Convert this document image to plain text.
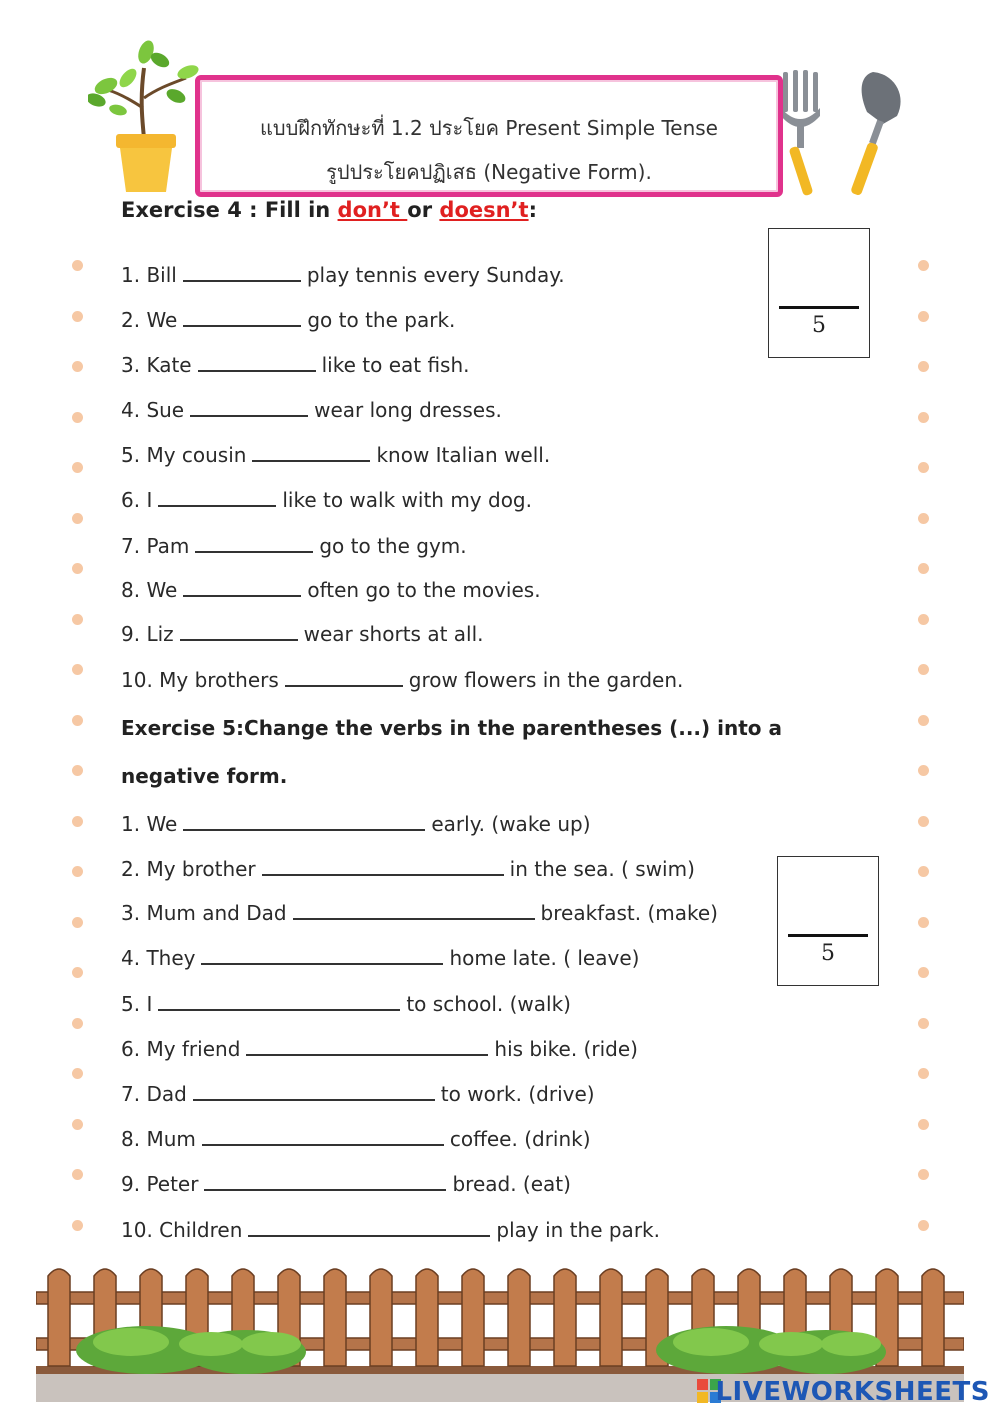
แบบฝึกทักษะที่ 1.2 ประโยค Present Simple Tense
รูปประโยคปฏิเสธ (Negative Form).
Exercise 4 : Fill in don’t or doesn’t:
5
1. Bill	play tennis every Sunday.
2. We	go to the park.
3. Kate	like to eat fish.
4. Sue	wear long dresses.
5. My cousin	know Italian well.
6. I	like to walk with my dog.
7. Pam	go to the gym.
8. We	often go to the movies.
9. Liz	wear shorts at all.
10. My brothers	grow flowers in the garden.
Exercise 5:Change the verbs in the parentheses (...) into a
negative form.
5
1. We	early. (wake up)
2. My brother	in the sea. ( swim)
3. Mum and Dad	breakfast. (make)
4. They	home late. ( leave)
5. I	to school. (walk)
6. My friend	his bike. (ride)
7. Dad	to work. (drive)
8. Mum	coffee. (drink)
9. Peter	bread. (eat)
10. Children	play in the park.
LIVEWORKSHEETS
